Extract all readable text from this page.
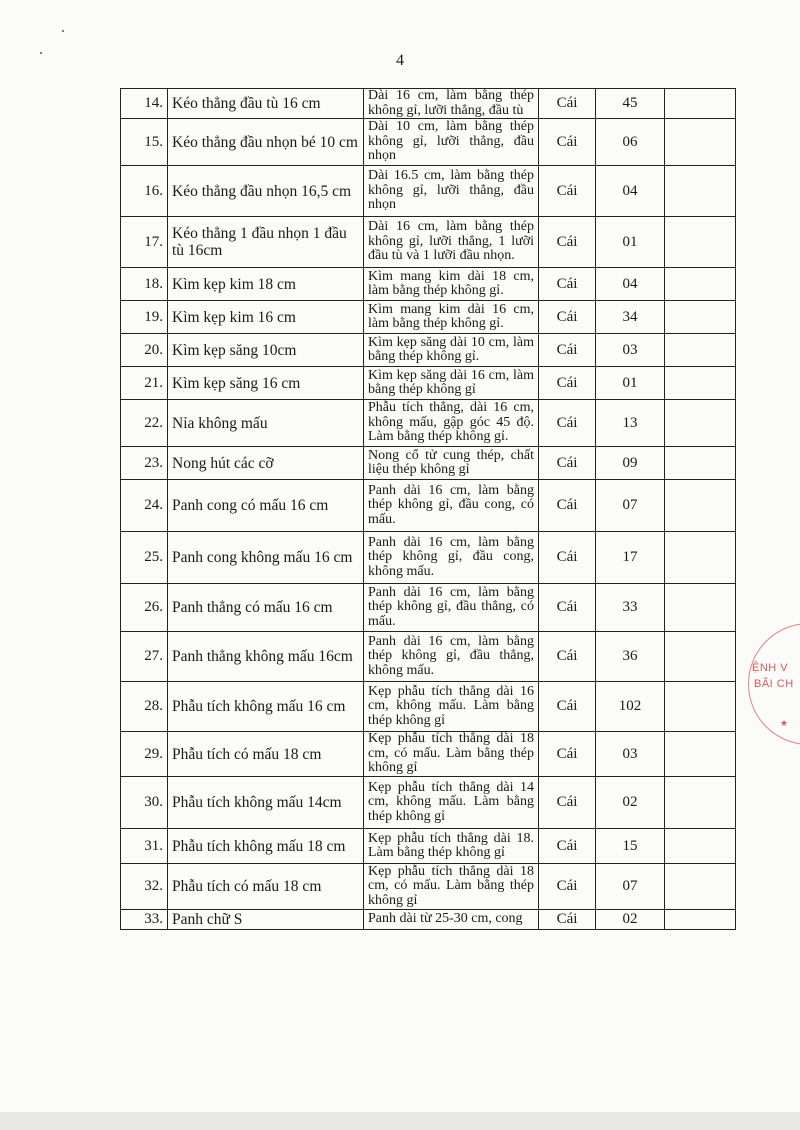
4
14.	Kéo thẳng đầu tù 16 cm	Dài 16 cm, làm bằng thép không gỉ, lưỡi thẳng, đầu tù	Cái	45	
15.	Kéo thẳng đầu nhọn bé 10 cm	Dài 10 cm, làm bằng thép không gỉ, lưỡi thẳng, đầu nhọn	Cái	06	
16.	Kéo thẳng đầu nhọn 16,5 cm	Dài 16.5 cm, làm bằng thép không gỉ, lưỡi thẳng, đầu nhọn	Cái	04	
17.	Kéo thẳng 1 đầu nhọn 1 đầu tù 16cm	Dài 16 cm, làm bằng thép không gỉ, lưỡi thẳng, 1 lưỡi đầu tù và 1 lưỡi đầu nhọn.	Cái	01	
18.	Kìm kẹp kim 18 cm	Kìm mang kim dài 18 cm, làm bằng thép không gỉ.	Cái	04	
19.	Kìm kẹp kim 16 cm	Kìm mang kim dài 16 cm, làm bằng thép không gỉ.	Cái	34	
20.	Kìm kẹp săng 10cm	Kìm kẹp săng dài 10 cm, làm bằng thép không gỉ.	Cái	03	
21.	Kìm kẹp săng 16 cm	Kìm kẹp săng dài 16 cm, làm bằng thép không gỉ	Cái	01	
22.	Nỉa không mấu	Phẫu tích thẳng, dài 16 cm, không mấu, gập góc 45 độ. Làm bằng thép không gỉ.	Cái	13	
23.	Nong hút các cỡ	Nong cổ tử cung thép, chất liệu thép không gỉ	Cái	09	
24.	Panh cong có mấu 16 cm	Panh dài 16 cm, làm bằng thép không gỉ, đầu cong, có mấu.	Cái	07	
25.	Panh cong không mấu 16 cm	Panh dài 16 cm, làm bằng thép không gỉ, đầu cong, không mấu.	Cái	17	
26.	Panh thẳng có mấu 16 cm	Panh dài 16 cm, làm bằng thép không gỉ, đầu thẳng, có mấu.	Cái	33	
27.	Panh thẳng không mấu 16cm	Panh dài 16 cm, làm bằng thép không gỉ, đầu thẳng, không mấu.	Cái	36	
28.	Phẫu tích không mấu 16 cm	Kẹp phẫu tích thẳng dài 16 cm, không mấu. Làm bằng thép không gỉ	Cái	102	
29.	Phẫu tích có mấu 18 cm	Kẹp phẫu tích thẳng dài 18 cm, có mấu. Làm bằng thép không gỉ	Cái	03	
30.	Phẫu tích không mấu 14cm	Kẹp phẫu tích thẳng dài 14 cm, không mấu. Làm bằng thép không gỉ	Cái	02	
31.	Phẫu tích không mấu 18 cm	Kẹp phẫu tích thẳng dài 18. Làm bằng thép không gỉ	Cái	15	
32.	Phẫu tích có mấu 18 cm	Kẹp phẫu tích thẳng dài 18 cm, có mấu. Làm bằng thép không gỉ	Cái	07	
33.	Panh chữ S	Panh dài từ 25-30 cm, cong	Cái	02	
ỆNH V
BÃI CH
★
